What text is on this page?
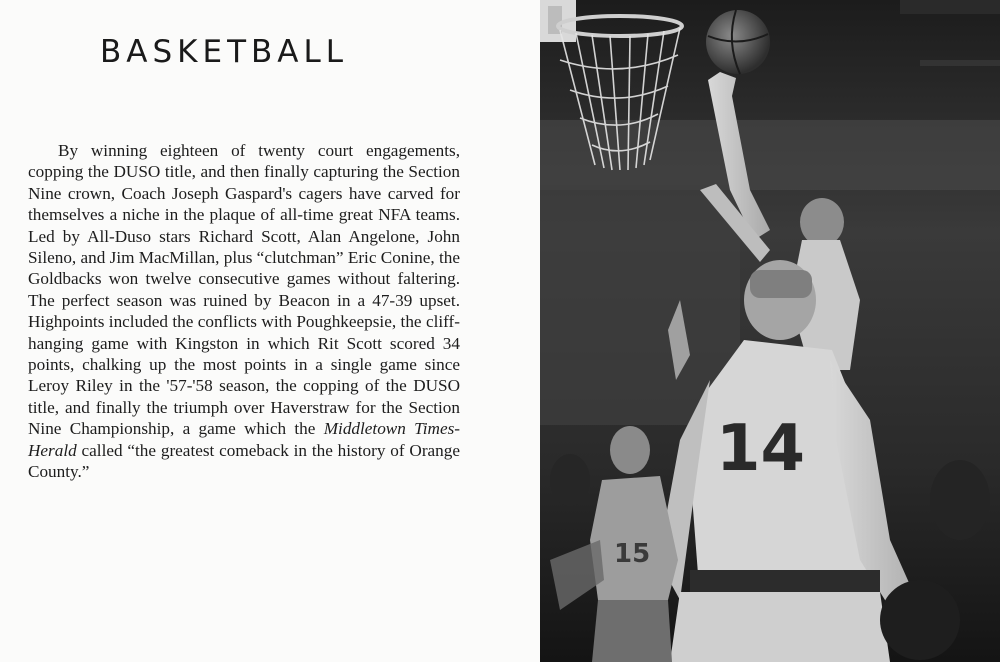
BASKETBALL

By winning eighteen of twenty court engagements, copping the DUSO title, and then finally capturing the Section Nine crown, Coach Joseph Gaspard's cagers have carved for themselves a niche in the plaque of all-time great NFA teams. Led by All-Duso stars Richard Scott, Alan Angelone, John Sileno, and Jim MacMillan, plus “clutchman” Eric Conine, the Goldbacks won twelve consecutive games without faltering. The perfect season was ruined by Beacon in a 47-39 upset. Highpoints included the conflicts with Poughkeepsie, the cliff-hanging game with Kingston in which Rit Scott scored 34 points, chalking up the most points in a single game since Leroy Riley in the '57-'58 season, the copping of the DUSO title, and finally the triumph over Haverstraw for the Section Nine Championship, a game which the Middletown Times-Herald called “the greatest comeback in the history of Orange County.”	14
15
